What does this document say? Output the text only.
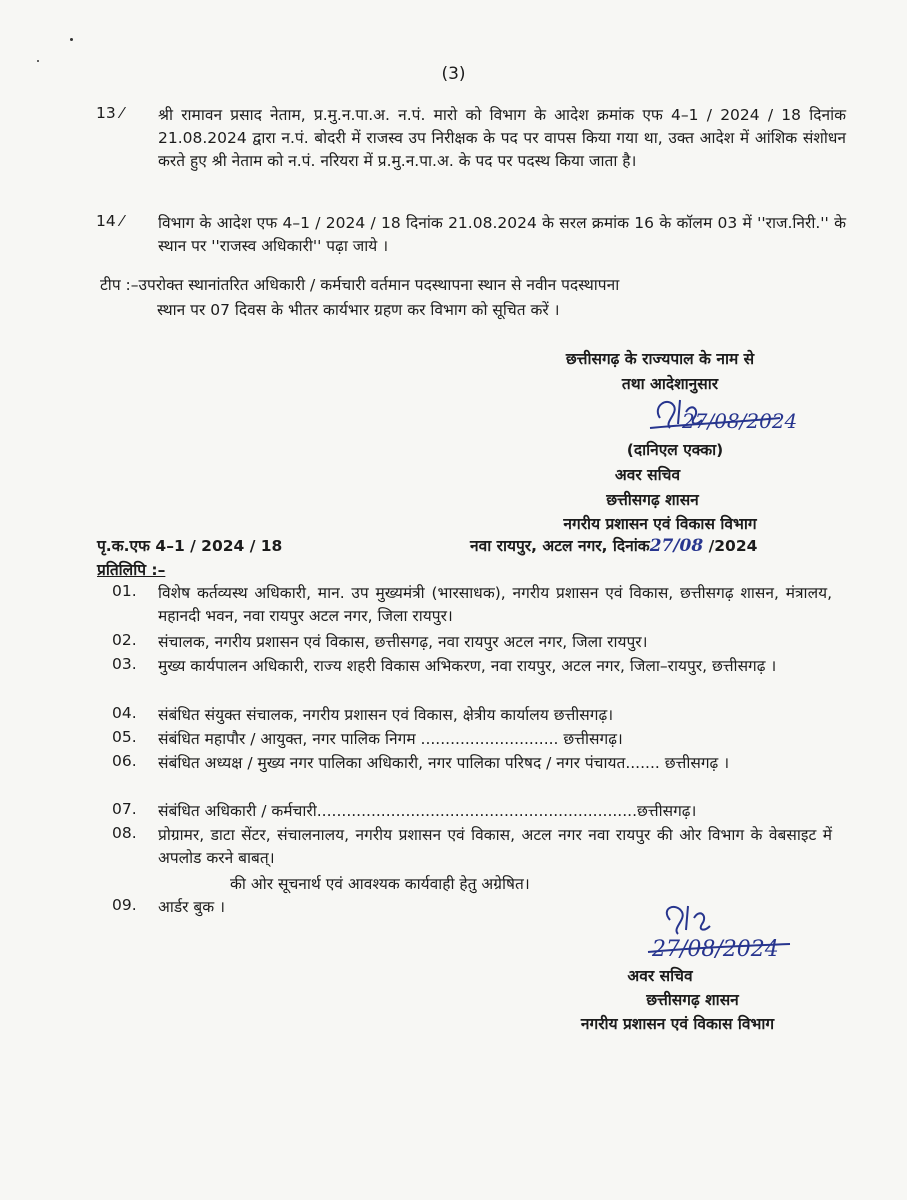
(3)
13 ⁄	श्री रामावन प्रसाद नेताम, प्र.मु.न.पा.अ. न.पं. मारो को विभाग के आदेश क्रमांक एफ 4–1 / 2024 / 18 दिनांक 21.08.2024 द्वारा न.पं. बोदरी में राजस्व उप निरीक्षक के पद पर वापस किया गया था, उक्त आदेश में आंशिक संशोधन करते हुए श्री नेताम को न.पं. नरियरा में प्र.मु.न.पा.अ. के पद पर पदस्थ किया जाता है।
14 ⁄	विभाग के आदेश एफ 4–1 / 2024 / 18 दिनांक 21.08.2024 के सरल क्रमांक 16 के कॉलम 03 में ''राज.निरी.'' के स्थान पर ''राजस्व अधिकारी'' पढ़ा जाये ।
टीप :–उपरोक्त स्थानांतरित अधिकारी / कर्मचारी वर्तमान पदस्थापना स्थान से नवीन पदस्थापना
स्थान पर 07 दिवस के भीतर कार्यभार ग्रहण कर विभाग को सूचित करें ।
छत्तीसगढ़ के राज्यपाल के नाम से
तथा आदेशानुसार
27/08/2024
(दानिएल एक्का)
अवर सचिव
छत्तीसगढ़ शासन
नगरीय प्रशासन एवं विकास विभाग
पृ.क.एफ 4–1 / 2024 / 18	नवा रायपुर, अटल नगर, दिनांक27/08 /2024
प्रतिलिपि :–
01.	विशेष कर्तव्यस्थ अधिकारी, मान. उप मुख्यमंत्री (भारसाधक), नगरीय प्रशासन एवं विकास, छत्तीसगढ़ शासन, मंत्रालय, महानदी भवन, नवा रायपुर अटल नगर, जिला रायपुर।
02.	संचालक, नगरीय प्रशासन एवं विकास, छत्तीसगढ़, नवा रायपुर अटल नगर, जिला रायपुर।
03.	मुख्य कार्यपालन अधिकारी, राज्य शहरी विकास अभिकरण, नवा रायपुर, अटल नगर, जिला–रायपुर, छत्तीसगढ़ ।
04.	संबंधित संयुक्त संचालक, नगरीय प्रशासन एवं विकास, क्षेत्रीय कार्यालय छत्तीसगढ़।
05.	संबंधित महापौर / आयुक्त, नगर पालिक निगम ............................ छत्तीसगढ़।
06.	संबंधित अध्यक्ष / मुख्य नगर पालिका अधिकारी, नगर पालिका परिषद / नगर पंचायत....... छत्तीसगढ़ ।
07.	संबंधित अधिकारी / कर्मचारी.................................................................छत्तीसगढ़।
08.	प्रोग्रामर, डाटा सेंटर, संचालनालय, नगरीय प्रशासन एवं विकास, अटल नगर नवा रायपुर की ओर विभाग के वेबसाइट में अपलोड करने बाबत्।
की ओर सूचनार्थ एवं आवश्यक कार्यवाही हेतु अग्रेषित।
09.	आर्डर बुक ।
27/08/2024
अवर सचिव
छत्तीसगढ़ शासन
नगरीय प्रशासन एवं विकास विभाग
